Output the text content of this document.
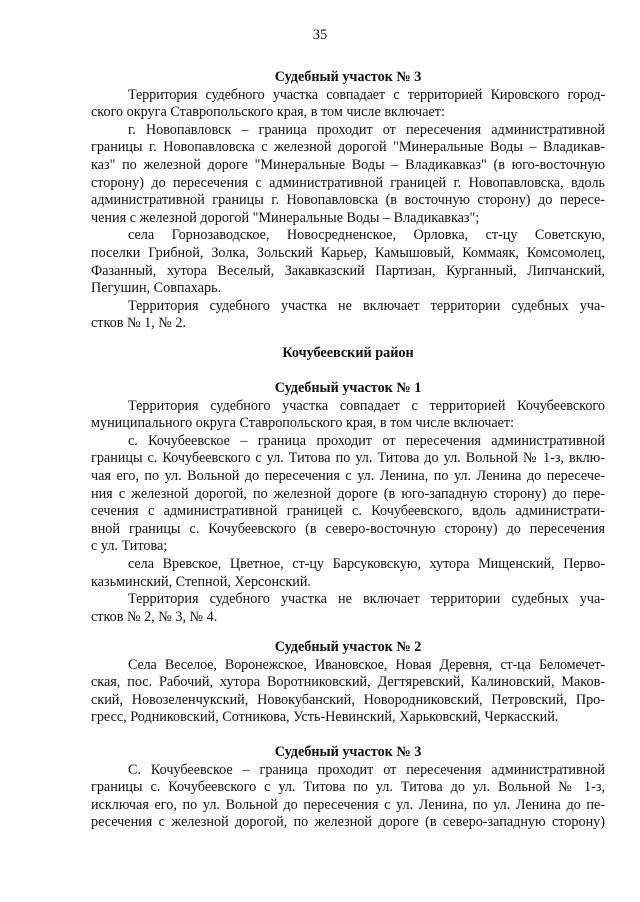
35
Судебный участок № 3
Территория судебного участка совпадает с территорией Кировского город-
ского округа Ставропольского края, в том числе включает:
г. Новопавловск – граница проходит от пересечения административной
границы г. Новопавловска с железной дорогой "Минеральные Воды – Владикав-
каз" по железной дороге "Минеральные Воды – Владикавказ" (в юго-восточную
сторону) до пересечения с административной границей г. Новопавловска, вдоль
административной границы г. Новопавловска (в восточную сторону) до пересе-
чения с железной дорогой "Минеральные Воды – Владикавказ";
села Горнозаводское, Новосредненское, Орловка, ст-цу Советскую,
поселки Грибной, Золка, Зольский Карьер, Камышовый, Коммаяк, Комсомолец,
Фазанный, хутора Веселый, Закавказский Партизан, Курганный, Липчанский,
Пегушин, Совпахарь.
Территория судебного участка не включает территории судебных уча-
стков № 1, № 2.
Кочубеевский район
Судебный участок № 1
Территория судебного участка совпадает с территорией Кочубеевского
муниципального округа Ставропольского края, в том числе включает:
с. Кочубеевское – граница проходит от пересечения административной
границы с. Кочубеевского с ул. Титова по ул. Титова до ул. Вольной № 1-з, вклю-
чая его, по ул. Вольной до пересечения с ул. Ленина, по ул. Ленина до пересече-
ния с железной дорогой, по железной дороге (в юго-западную сторону) до пере-
сечения с административной границей с. Кочубеевского, вдоль администрати-
вной границы с. Кочубеевского (в северо-восточную сторону) до пересечения
с ул. Титова;
села Вревское, Цветное, ст-цу Барсуковскую, хутора Мищенский, Перво-
казьминский, Степной, Херсонский.
Территория судебного участка не включает территории судебных уча-
стков № 2, № 3, № 4.
Судебный участок № 2
Села Веселое, Воронежское, Ивановское, Новая Деревня, ст-ца Беломечет-
ская, пос. Рабочий, хутора Воротниковский, Дегтяревский, Калиновский, Маков-
ский, Новозеленчукский, Новокубанский, Новородниковский, Петровский, Про-
гресс, Родниковский, Сотникова, Усть-Невинский, Харьковский, Черкасский.
Судебный участок № 3
С. Кочубеевское – граница проходит от пересечения административной
границы с. Кочубеевского с ул. Титова по ул. Титова до ул. Вольной № 1-з,
исключая его, по ул. Вольной до пересечения с ул. Ленина, по ул. Ленина до пе-
ресечения с железной дорогой, по железной дороге (в северо-западную сторону)
